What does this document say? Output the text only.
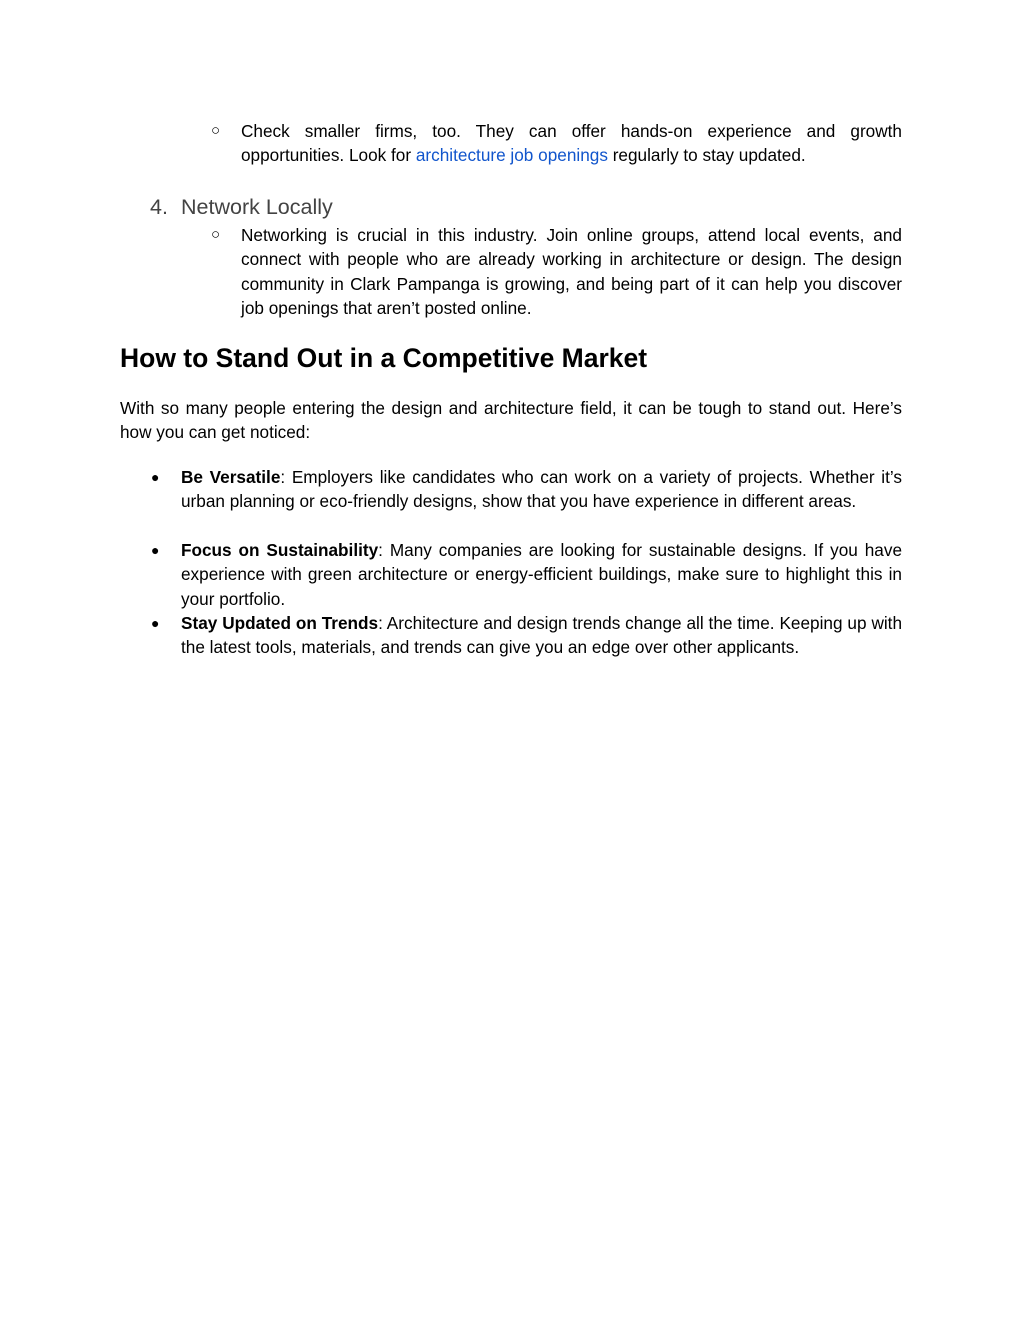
○ Check smaller firms, too. They can offer hands-on experience and growth opportunities. Look for architecture job openings regularly to stay updated.

4. Network Locally
○ Networking is crucial in this industry. Join online groups, attend local events, and connect with people who are already working in architecture or design. The design community in Clark Pampanga is growing, and being part of it can help you discover job openings that aren’t posted online.

How to Stand Out in a Competitive Market

With so many people entering the design and architecture field, it can be tough to stand out. Here’s how you can get noticed:

● Be Versatile: Employers like candidates who can work on a variety of projects. Whether it’s urban planning or eco-friendly designs, show that you have experience in different areas.

● Focus on Sustainability: Many companies are looking for sustainable designs. If you have experience with green architecture or energy-efficient buildings, make sure to highlight this in your portfolio.

● Stay Updated on Trends: Architecture and design trends change all the time. Keeping up with the latest tools, materials, and trends can give you an edge over other applicants.
